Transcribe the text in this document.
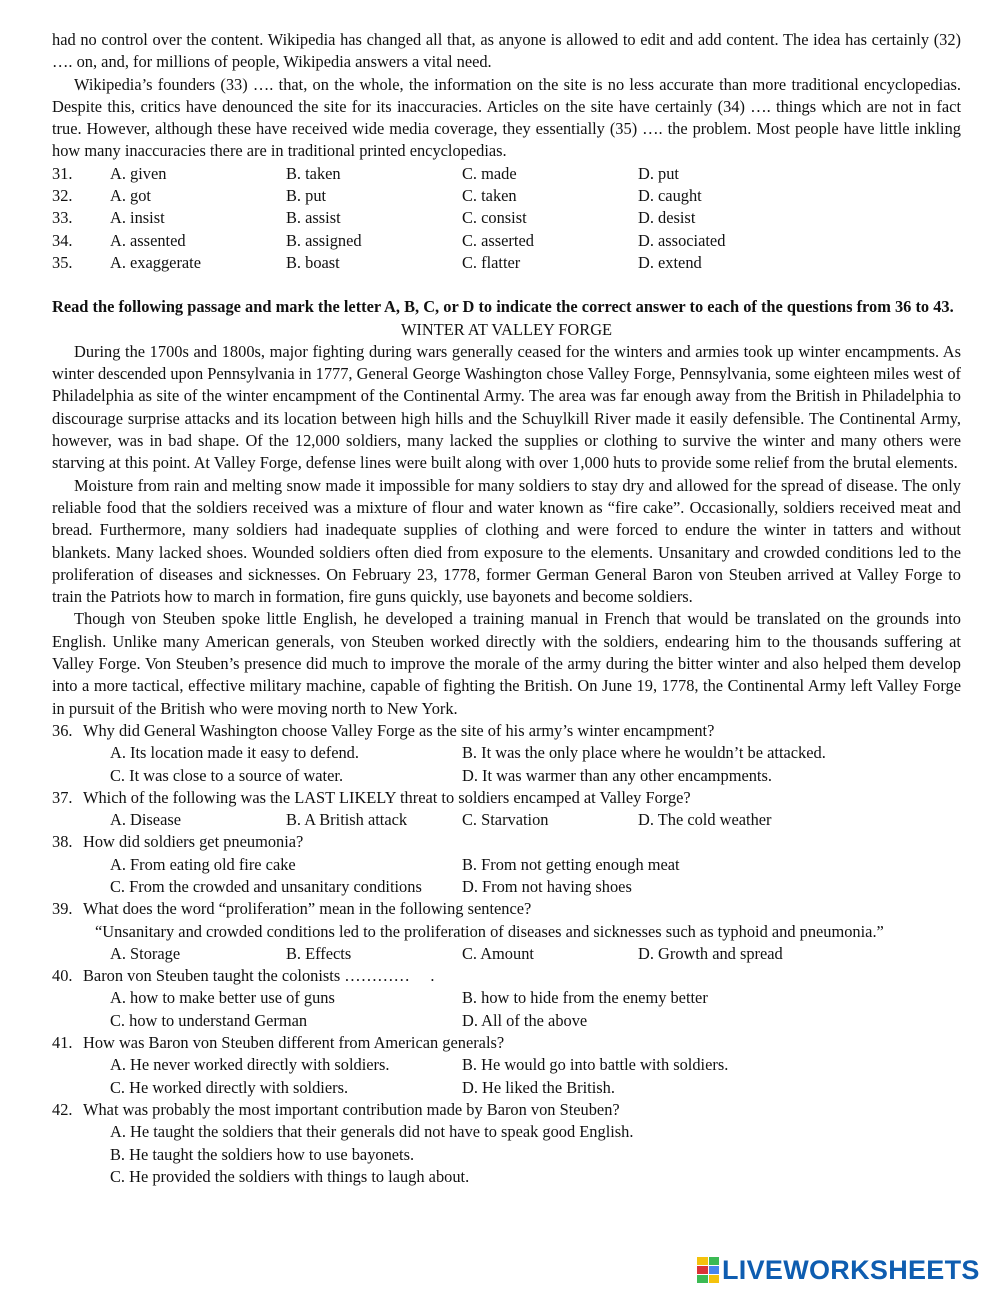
had no control over the content. Wikipedia has changed all that, as anyone is allowed to edit and add content. The idea has certainly (32) …. on, and, for millions of people, Wikipedia answers a vital need.

Wikipedia’s founders (33) …. that, on the whole, the information on the site is no less accurate than more traditional encyclopedias. Despite this, critics have denounced the site for its inaccuracies. Articles on the site have certainly (34) …. things which are not in fact true. However, although these have received wide media coverage, they essentially (35) …. the problem. Most people have little inkling how many inaccuracies there are in traditional printed encyclopedias.

31.	A. given	B. taken	C. made	D. put
32.	A. got	B. put	C. taken	D. caught
33.	A. insist	B. assist	C. consist	D. desist
34.	A. assented	B. assigned	C. asserted	D. associated
35.	A. exaggerate	B. boast	C. flatter	D. extend

Read the following passage and mark the letter A, B, C, or D to indicate the correct answer to each of the questions from 36 to 43.

WINTER AT VALLEY FORGE

During the 1700s and 1800s, major fighting during wars generally ceased for the winters and armies took up winter encampments. As winter descended upon Pennsylvania in 1777, General George Washington chose Valley Forge, Pennsylvania, some eighteen miles west of Philadelphia as site of the winter encampment of the Continental Army. The area was far enough away from the British in Philadelphia to discourage surprise attacks and its location between high hills and the Schuylkill River made it easily defensible. The Continental Army, however, was in bad shape. Of the 12,000 soldiers, many lacked the supplies or clothing to survive the winter and many others were starving at this point. At Valley Forge, defense lines were built along with over 1,000 huts to provide some relief from the brutal elements.

Moisture from rain and melting snow made it impossible for many soldiers to stay dry and allowed for the spread of disease. The only reliable food that the soldiers received was a mixture of flour and water known as “fire cake”. Occasionally, soldiers received meat and bread. Furthermore, many soldiers had inadequate supplies of clothing and were forced to endure the winter in tatters and without blankets. Many lacked shoes. Wounded soldiers often died from exposure to the elements. Unsanitary and crowded conditions led to the proliferation of diseases and sicknesses. On February 23, 1778, former German General Baron von Steuben arrived at Valley Forge to train the Patriots how to march in formation, fire guns quickly, use bayonets and become soldiers.

Though von Steuben spoke little English, he developed a training manual in French that would be translated on the grounds into English. Unlike many American generals, von Steuben worked directly with the soldiers, endearing him to the thousands suffering at Valley Forge. Von Steuben’s presence did much to improve the morale of the army during the bitter winter and also helped them develop into a more tactical, effective military machine, capable of fighting the British. On June 19, 1778, the Continental Army left Valley Forge in pursuit of the British who were moving north to New York.

36. Why did General Washington choose Valley Forge as the site of his army’s winter encampment?
A. Its location made it easy to defend.	B. It was the only place where he wouldn’t be attacked.
C. It was close to a source of water.	D. It was warmer than any other encampments.
37. Which of the following was the LAST LIKELY threat to soldiers encamped at Valley Forge?
A. Disease	B. A British attack	C. Starvation	D. The cold weather
38. How did soldiers get pneumonia?
A. From eating old fire cake	B. From not getting enough meat
C. From the crowded and unsanitary conditions	D. From not having shoes
39. What does the word “proliferation” mean in the following sentence?
“Unsanitary and crowded conditions led to the proliferation of diseases and sicknesses such as typhoid and pneumonia.”
A. Storage	B. Effects	C. Amount	D. Growth and spread
40. Baron von Steuben taught the colonists …………     .
A. how to make better use of guns	B. how to hide from the enemy better
C. how to understand German	D. All of the above
41. How was Baron von Steuben different from American generals?
A. He never worked directly with soldiers.	B. He would go into battle with soldiers.
C. He worked directly with soldiers.	D. He liked the British.
42. What was probably the most important contribution made by Baron von Steuben?
A. He taught the soldiers that their generals did not have to speak good English.
B. He taught the soldiers how to use bayonets.
C. He provided the soldiers with things to laugh about.
LIVEWORKSHEETS
